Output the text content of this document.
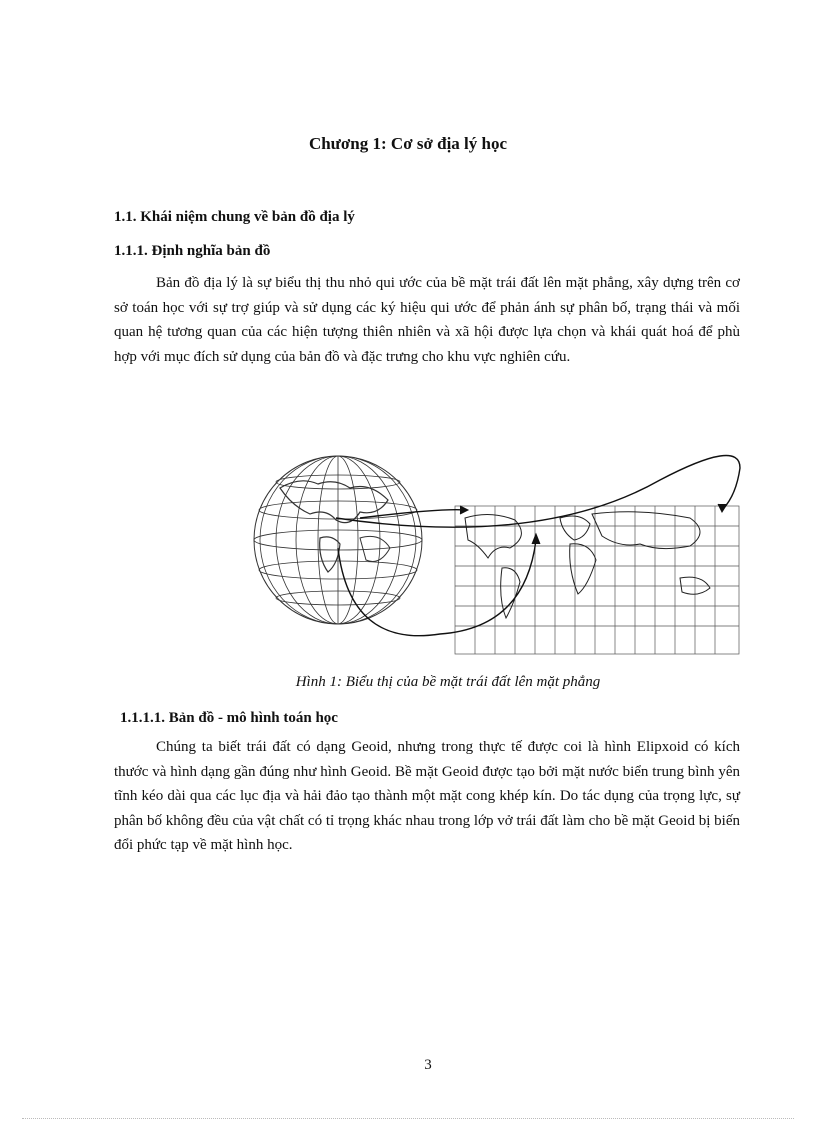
Chương 1: Cơ sở địa lý học
1.1. Khái niệm chung về bản đồ địa lý
1.1.1. Định nghĩa bản đồ

Bản đồ địa lý là sự biểu thị thu nhỏ qui ước của bề mặt trái đất lên mặt phẳng, xây dựng trên cơ sở toán học với sự trợ giúp và sử dụng các ký hiệu qui ước để phản ánh sự phân bố, trạng thái và mối quan hệ tương quan của các hiện tượng thiên nhiên và xã hội được lựa chọn và khái quát hoá để phù hợp với mục đích sử dụng của bản đồ và đặc trưng cho khu vực nghiên cứu.

Hình 1: Biểu thị của bề mặt trái đất lên mặt phẳng
1.1.1.1. Bản đồ - mô hình toán học

Chúng ta biết trái đất có dạng Geoid, nhưng trong thực tế được coi là hình Elipxoid có kích thước và hình dạng gần đúng như hình Geoid. Bề mặt Geoid được tạo bởi mặt nước biển trung bình yên tĩnh kéo dài qua các lục địa và hải đảo tạo thành một mặt cong khép kín. Do tác dụng của trọng lực, sự phân bố không đều của vật chất có tỉ trọng khác nhau trong lớp vở trái đất làm cho bề mặt Geoid bị biến đổi phức tạp về mặt hình học.

3
